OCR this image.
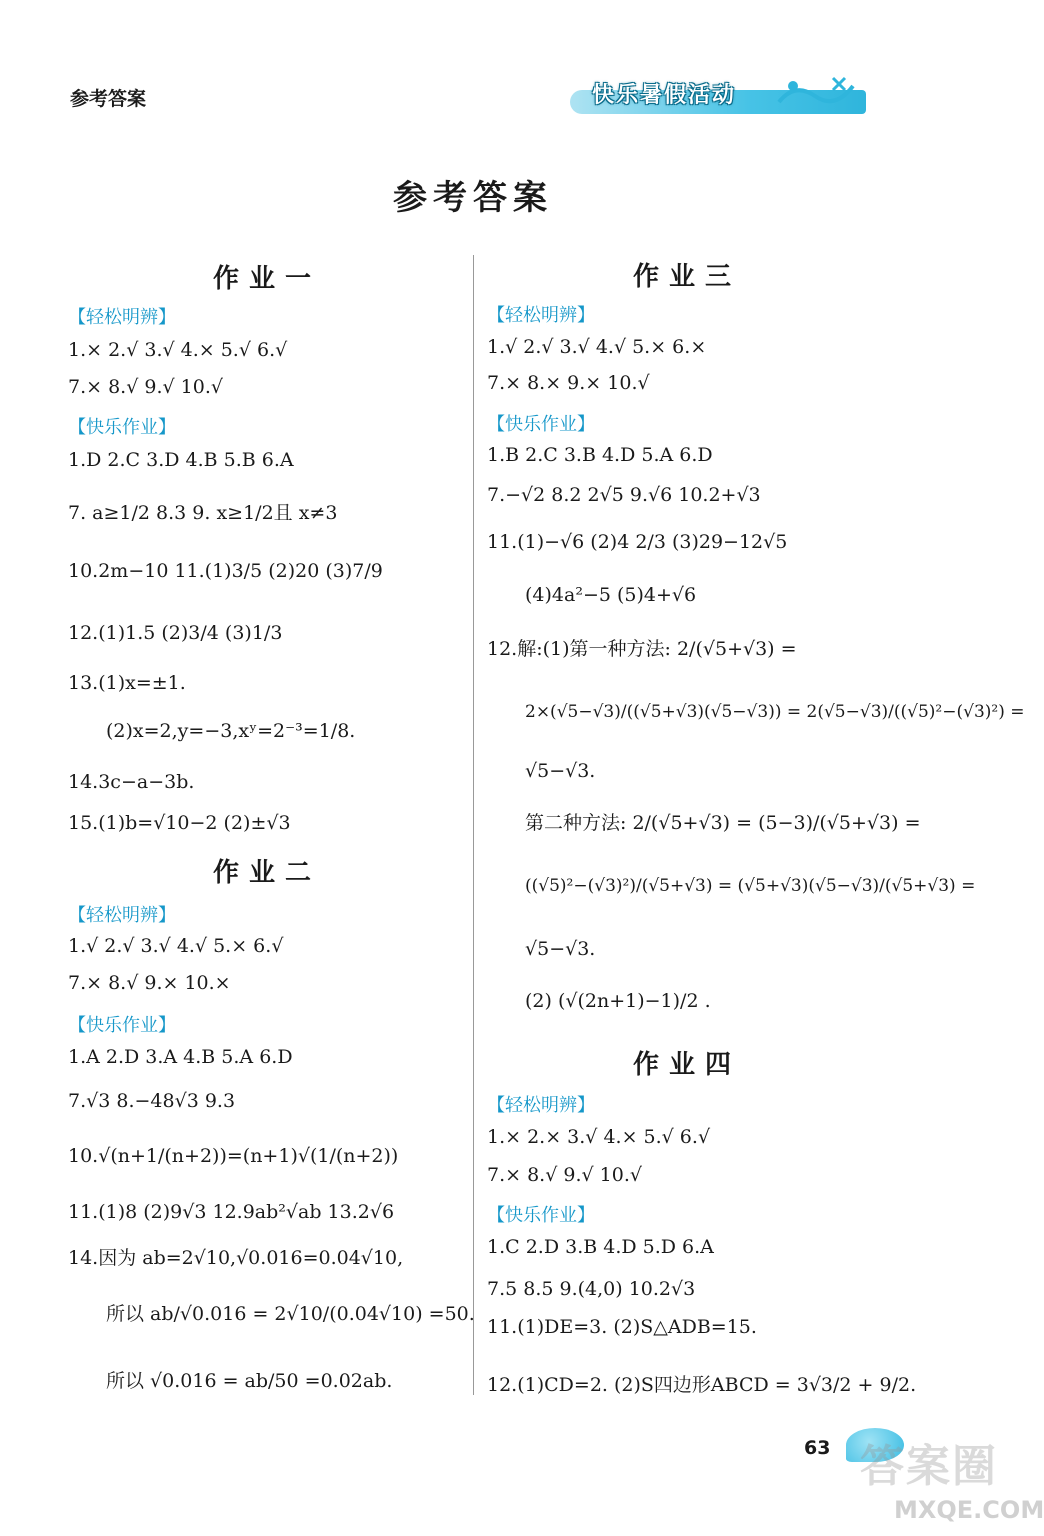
参考答案	快乐暑假活动
参考答案
作业一
【轻松明辨】
1.× 2.√ 3.√ 4.× 5.√ 6.√
7.× 8.√ 9.√ 10.√
【快乐作业】
1.D 2.C 3.D 4.B 5.B 6.A
7. a≥1/2 8.3 9. x≥1/2且 x≠3
10.2m−10 11.(1)3/5 (2)20 (3)7/9
12.(1)1.5 (2)3/4 (3)1/3
13.(1)x=±1.
(2)x=2,y=−3,xʸ=2⁻³=1/8.
14.3c−a−3b.
15.(1)b=√10−2 (2)±√3
作业二
【轻松明辨】
1.√ 2.√ 3.√ 4.√ 5.× 6.√
7.× 8.√ 9.× 10.×
【快乐作业】
1.A 2.D 3.A 4.B 5.A 6.D
7.√3 8.−48√3 9.3
10.√(n+1/(n+2))=(n+1)√(1/(n+2))
11.(1)8 (2)9√3 12.9ab²√ab 13.2√6
14.因为 ab=2√10,√0.016=0.04√10,
所以 ab/√0.016 = 2√10/(0.04√10) =50.
所以 √0.016 = ab/50 =0.02ab.
作业三
【轻松明辨】
1.√ 2.√ 3.√ 4.√ 5.× 6.×
7.× 8.× 9.× 10.√
【快乐作业】
1.B 2.C 3.B 4.D 5.A 6.D
7.−√2 8.2 2√5 9.√6 10.2+√3
11.(1)−√6 (2)4 2/3 (3)29−12√5
(4)4a²−5 (5)4+√6
12.解:(1)第一种方法: 2/(√5+√3) =
2×(√5−√3)/((√5+√3)(√5−√3)) = 2(√5−√3)/((√5)²−(√3)²) =
√5−√3.
第二种方法: 2/(√5+√3) = (5−3)/(√5+√3) =
((√5)²−(√3)²)/(√5+√3) = (√5+√3)(√5−√3)/(√5+√3) =
√5−√3.
(2) (√(2n+1)−1)/2 .
作业四
【轻松明辨】
1.× 2.× 3.√ 4.× 5.√ 6.√
7.× 8.√ 9.√ 10.√
【快乐作业】
1.C 2.D 3.B 4.D 5.D 6.A
7.5 8.5 9.(4,0) 10.2√3
11.(1)DE=3. (2)S△ADB=15.
12.(1)CD=2. (2)S四边形ABCD = 3√3/2 + 9/2.
63 答案圈
MXQE.COM
